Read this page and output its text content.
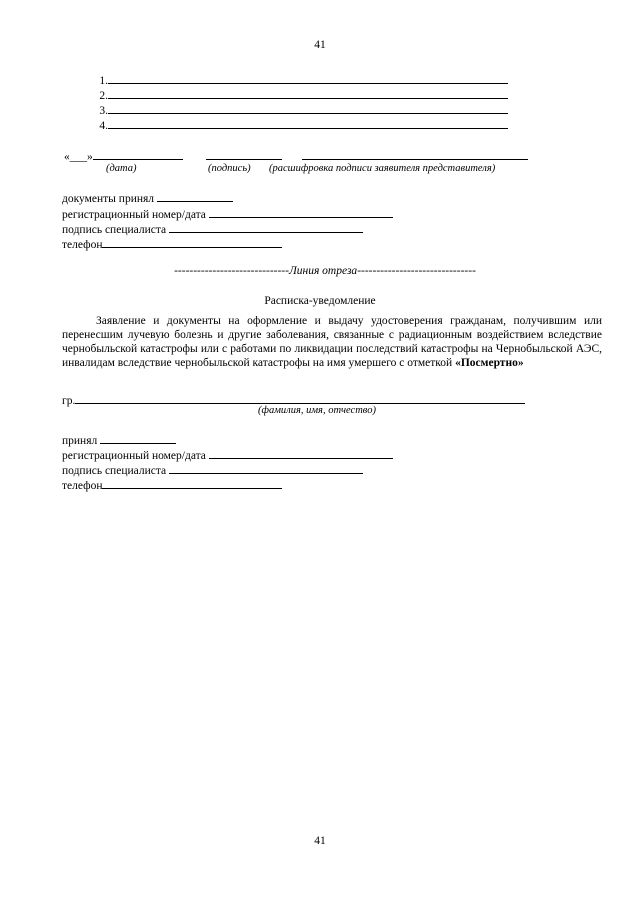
41
1.
2.
3.
4.
«___»
(дата)	(подпись) (расшифровка подписи заявителя представителя)
документы принял
регистрационный номер/дата
подпись специалиста
телефон
------------------------------Линия отреза-------------------------------
Расписка-уведомление
Заявление и документы на оформление и выдачу удостоверения гражданам, получившим или перенесшим лучевую болезнь и другие заболевания, связанные с радиационным воздействием вследствие чернобыльской катастрофы или с работами по ликвидации последствий катастрофы на Чернобыльской АЭС, инвалидам вследствие чернобыльской катастрофы на имя умершего с отметкой «Посмертно»
гр.
(фамилия, имя, отчество)
принял
регистрационный номер/дата
подпись специалиста
телефон
41
